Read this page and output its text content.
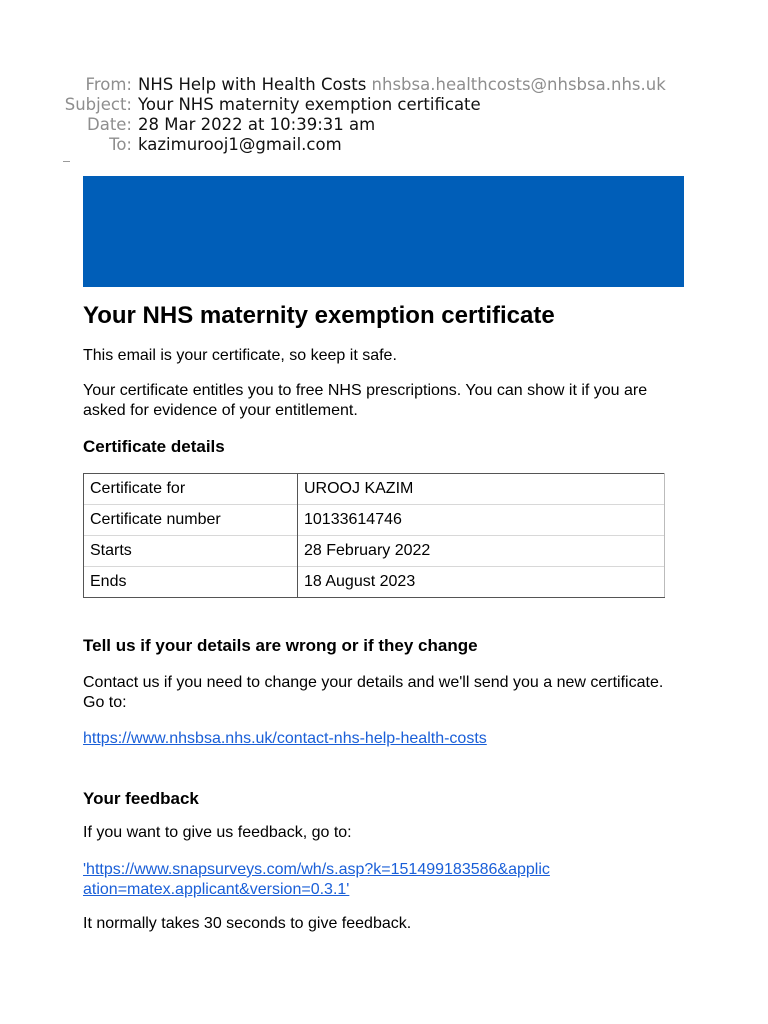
From: NHS Help with Health Costs nhsbsa.healthcosts@nhsbsa.nhs.uk
Subject: Your NHS maternity exemption certificate
Date: 28 Mar 2022 at 10:39:31 am
To: kazimurooj1@gmail.com
Your NHS maternity exemption certificate

This email is your certificate, so keep it safe.

Your certificate entitles you to free NHS prescriptions. You can show it if you are asked for evidence of your entitlement.

Certificate details
Certificate for	UROOJ KAZIM
Certificate number	10133614746
Starts	28 February 2022
Ends	18 August 2023
Tell us if your details are wrong or if they change

Contact us if you need to change your details and we'll send you a new certificate. Go to:

https://www.nhsbsa.nhs.uk/contact-nhs-help-health-costs

Your feedback

If you want to give us feedback, go to:

'https://www.snapsurveys.com/wh/s.asp?k=151499183586&application=matex.applicant&version=0.3.1'

It normally takes 30 seconds to give feedback.
